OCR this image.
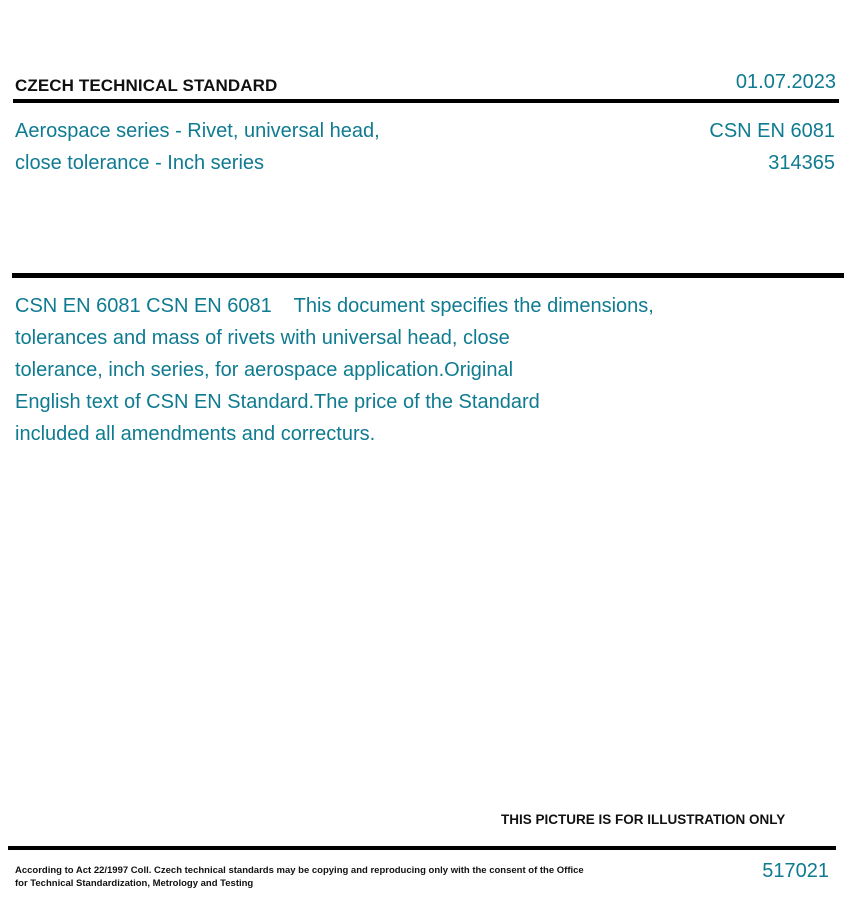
CZECH TECHNICAL STANDARD	01.07.2023
Aerospace series - Rivet, universal head,
close tolerance - Inch series
CSN EN 6081
314365
CSN EN 6081 CSN EN 6081    This document specifies the dimensions,
tolerances and mass of rivets with universal head, close
tolerance, inch series, for aerospace application.Original
English text of CSN EN Standard.The price of the Standard
included all amendments and correcturs.
THIS PICTURE IS FOR ILLUSTRATION ONLY
According to Act 22/1997 Coll. Czech technical standards may be copying and reproducing only with the consent of the Office
for Technical Standardization, Metrology and Testing
517021
